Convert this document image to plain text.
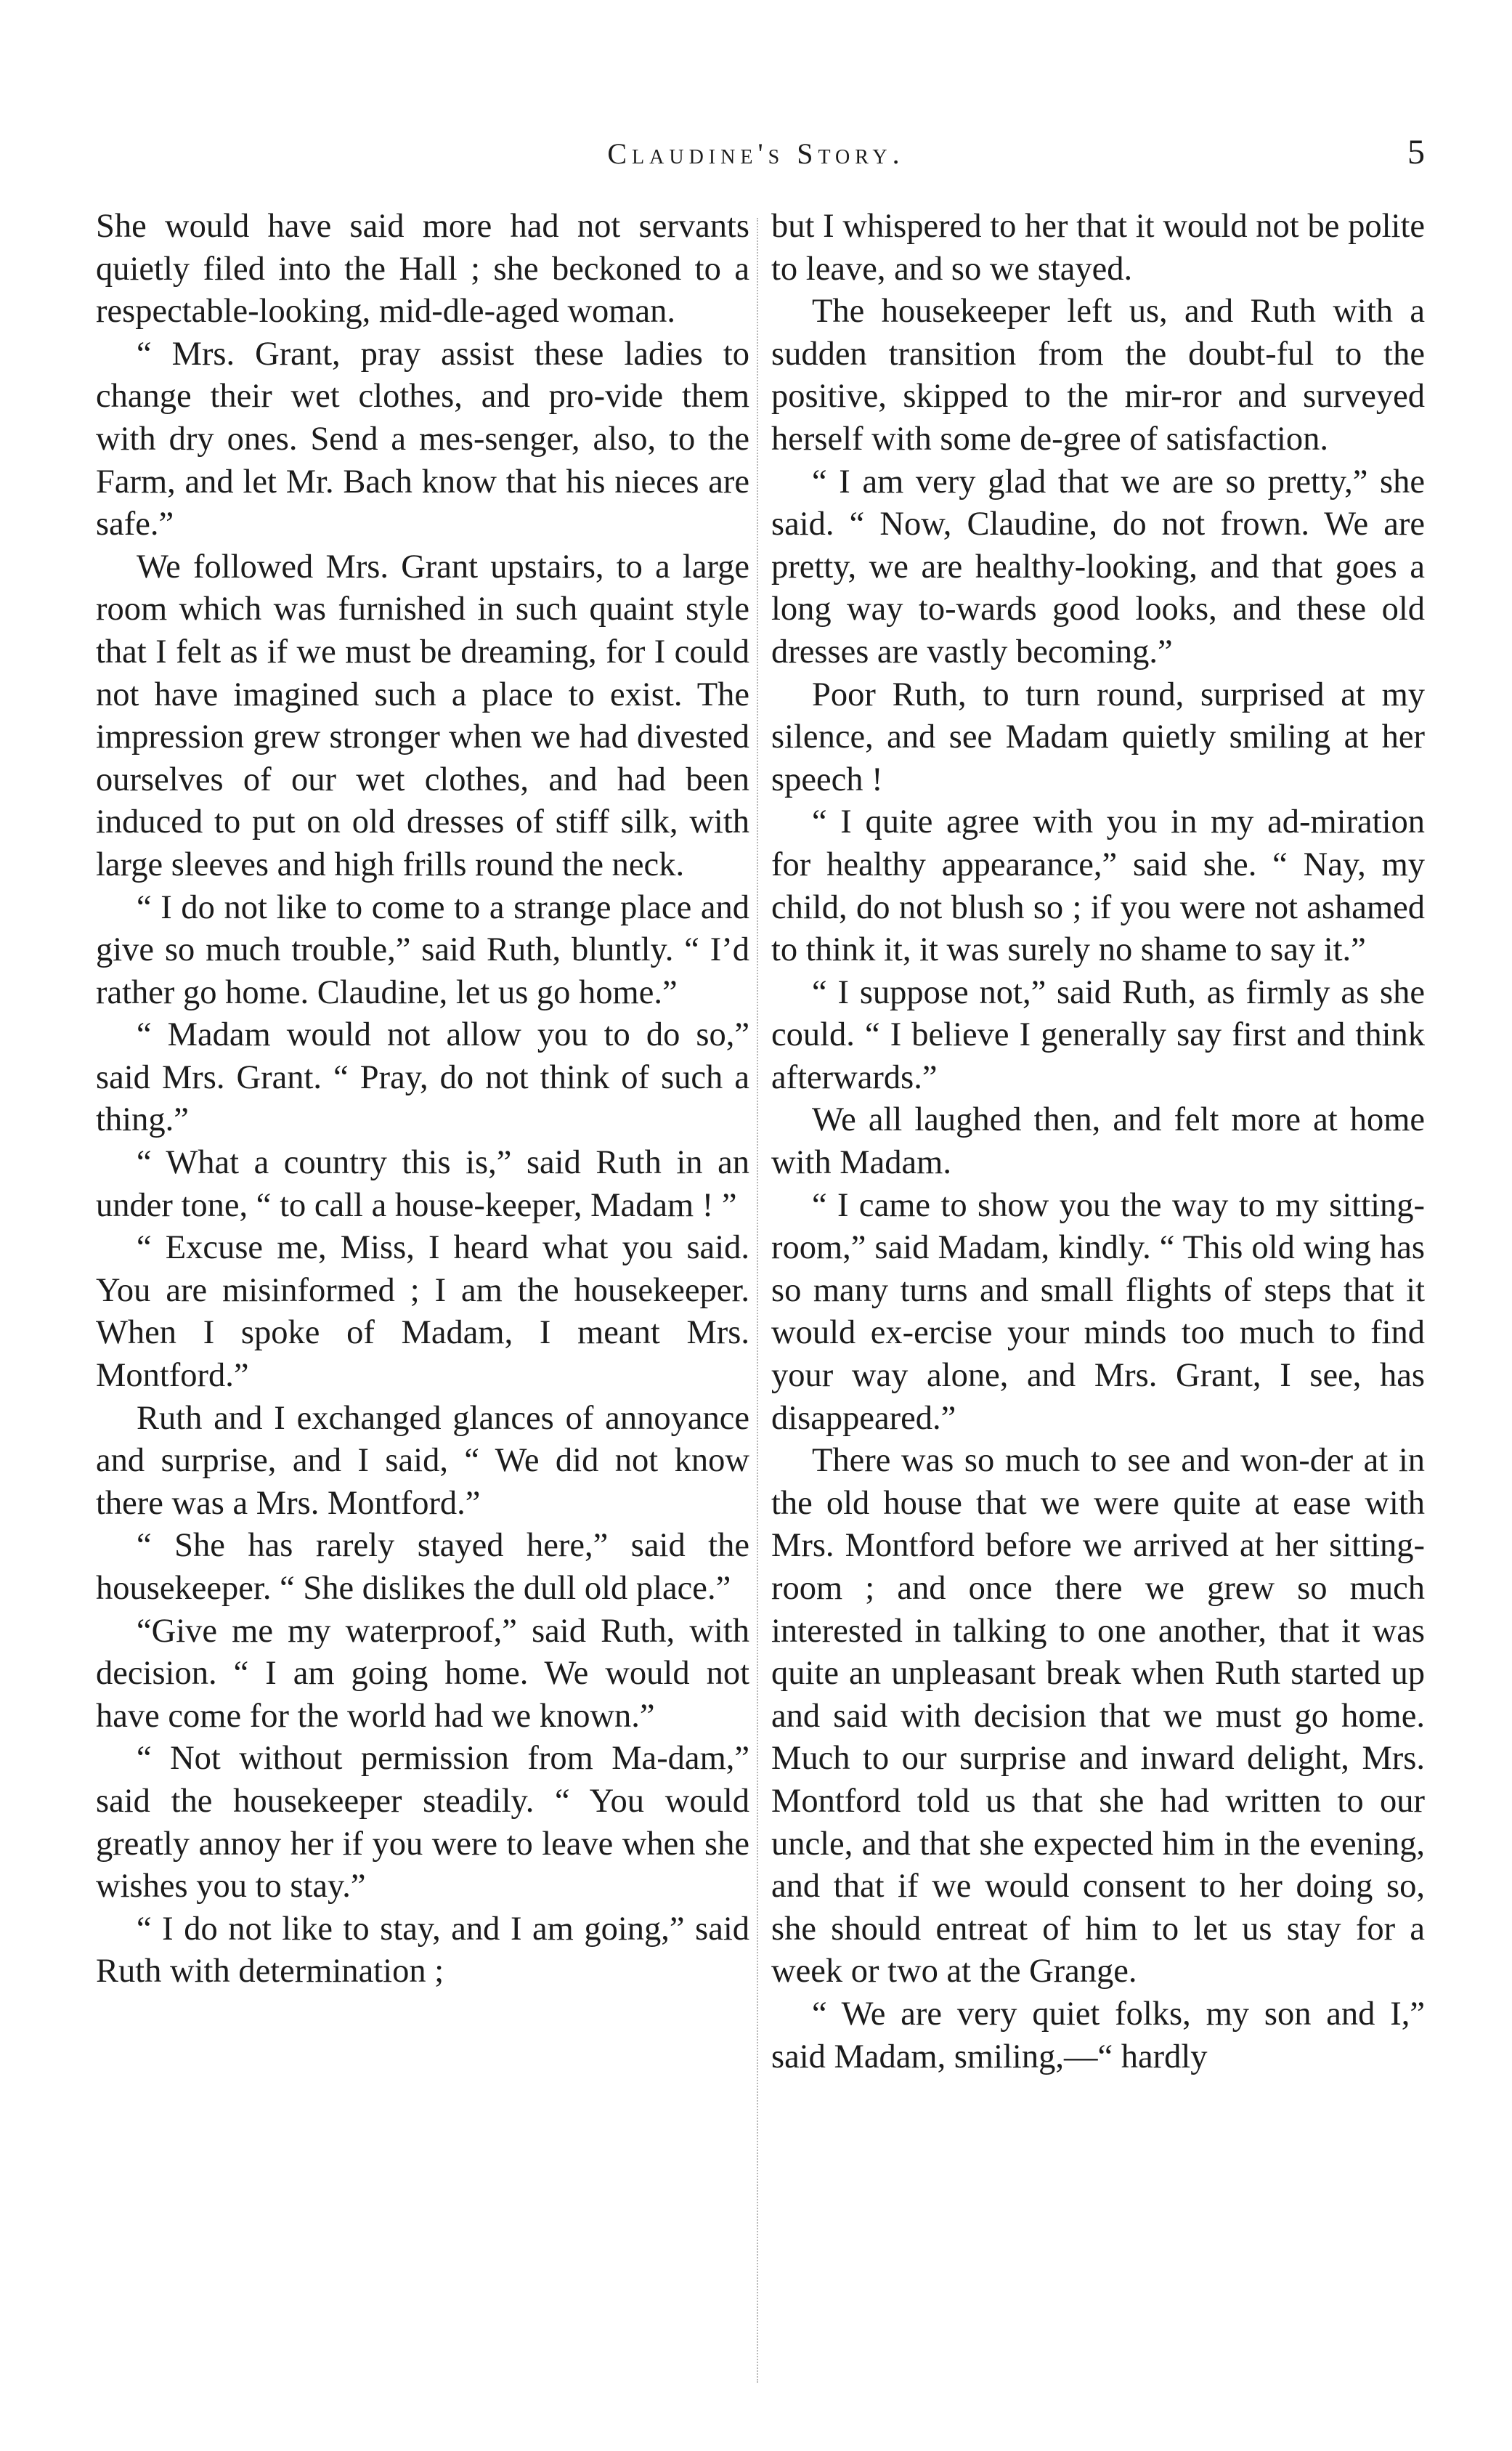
Claudine's Story.	5

She would have said more had not servants quietly filed into the Hall ; she beckoned to a respectable-looking, mid-dle-aged woman.

“ Mrs. Grant, pray assist these ladies to change their wet clothes, and pro-vide them with dry ones. Send a mes-senger, also, to the Farm, and let Mr. Bach know that his nieces are safe.”

We followed Mrs. Grant upstairs, to a large room which was furnished in such quaint style that I felt as if we must be dreaming, for I could not have imagined such a place to exist. The impression grew stronger when we had divested ourselves of our wet clothes, and had been induced to put on old dresses of stiff silk, with large sleeves and high frills round the neck.

“ I do not like to come to a strange place and give so much trouble,” said Ruth, bluntly. “ I’d rather go home. Claudine, let us go home.”

“ Madam would not allow you to do so,” said Mrs. Grant. “ Pray, do not think of such a thing.”

“ What a country this is,” said Ruth in an under tone, “ to call a house-keeper, Madam ! ”

“ Excuse me, Miss, I heard what you said. You are misinformed ; I am the housekeeper. When I spoke of Madam, I meant Mrs. Montford.”

Ruth and I exchanged glances of annoyance and surprise, and I said, “ We did not know there was a Mrs. Montford.”

“ She has rarely stayed here,” said the housekeeper. “ She dislikes the dull old place.”

“Give me my waterproof,” said Ruth, with decision. “ I am going home. We would not have come for the world had we known.”

“ Not without permission from Ma-dam,” said the housekeeper steadily. “ You would greatly annoy her if you were to leave when she wishes you to stay.”

“ I do not like to stay, and I am going,” said Ruth with determination ;

but I whispered to her that it would not be polite to leave, and so we stayed.

The housekeeper left us, and Ruth with a sudden transition from the doubt-ful to the positive, skipped to the mir-ror and surveyed herself with some de-gree of satisfaction.

“ I am very glad that we are so pretty,” she said. “ Now, Claudine, do not frown. We are pretty, we are healthy-looking, and that goes a long way to-wards good looks, and these old dresses are vastly becoming.”

Poor Ruth, to turn round, surprised at my silence, and see Madam quietly smiling at her speech !

“ I quite agree with you in my ad-miration for healthy appearance,” said she. “ Nay, my child, do not blush so ; if you were not ashamed to think it, it was surely no shame to say it.”

“ I suppose not,” said Ruth, as firmly as she could. “ I believe I generally say first and think afterwards.”

We all laughed then, and felt more at home with Madam.

“ I came to show you the way to my sitting-room,” said Madam, kindly. “ This old wing has so many turns and small flights of steps that it would ex-ercise your minds too much to find your way alone, and Mrs. Grant, I see, has disappeared.”

There was so much to see and won-der at in the old house that we were quite at ease with Mrs. Montford before we arrived at her sitting-room ; and once there we grew so much interested in talking to one another, that it was quite an unpleasant break when Ruth started up and said with decision that we must go home. Much to our surprise and inward delight, Mrs. Montford told us that she had written to our uncle, and that she expected him in the evening, and that if we would consent to her doing so, she should entreat of him to let us stay for a week or two at the Grange.

“ We are very quiet folks, my son and I,” said Madam, smiling,—“ hardly
